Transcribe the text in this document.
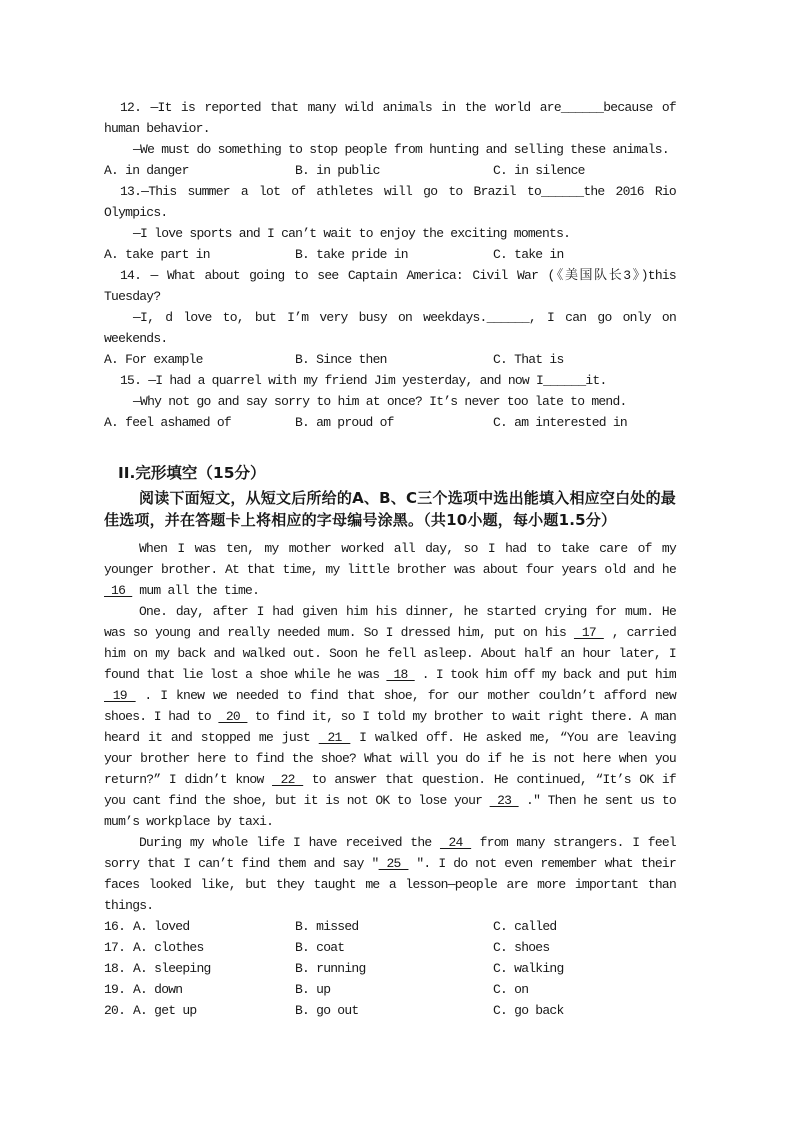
12. —It is reported that many wild animals in the world are______because of human behavior.

—We must do something to stop people from hunting and selling these animals.

A. in danger	B. in public	C. in silence

13.—This summer a lot of athletes will go to Brazil to______the 2016 Rio Olympics.

—I love sports and I can’t wait to enjoy the exciting moments.

A. take part in	B. take pride in	C. take in

14. — What about going to see Captain America: Civil War (《美国队长3》)this Tuesday?

—I, d love to, but I’m very busy on weekdays.______, I can go only on weekends.

A. For example	B. Since then	C. That is

15. —I had a quarrel with my friend Jim yesterday, and now I______it.

—Why not go and say sorry to him at once? It’s never too late to mend.

A. feel ashamed of	B. am proud of	C. am interested in

II.完形填空（15分）

阅读下面短文，从短文后所给的A、B、C三个选项中选出能填入相应空白处的最佳选项，并在答题卡上将相应的字母编号涂黑。（共10小题，每小题1.5分）

When I was ten, my mother worked all day, so I had to take care of my younger brother. At that time, my little brother was about four years old and he  16  mum all the time.

One. day, after I had given him his dinner, he started crying for mum. He was so young and really needed mum. So I dressed him, put on his  17  , carried him on my back and walked out. Soon he fell asleep. About half an hour later, I found that lie lost a shoe while he was  18  . I took him off my back and put him  19  . I knew we needed to find that shoe, for our mother couldn’t afford new shoes. I had to  20  to find it, so I told my brother to wait right there. A man heard it and stopped me just  21  I walked off. He asked me, “You are leaving your brother here to find the shoe? What will you do if he is not here when you return?” I didn’t know  22  to answer that question. He continued, “It’s OK if you cant find the shoe, but it is not OK to lose your  23  .″ Then he sent us to mum’s workplace by taxi.

During my whole life I have received the  24  from many strangers. I feel sorry that I can’t find them and say ″ 25  ″. I do not even remember what their faces looked like, but they taught me a lesson—people are more important than things.

16. A. loved	B. missed	C. called
17. A. clothes	B. coat	C. shoes
18. A. sleeping	B. running	C. walking
19. A. down	B. up	C. on
20. A. get up	B. go out	C. go back
